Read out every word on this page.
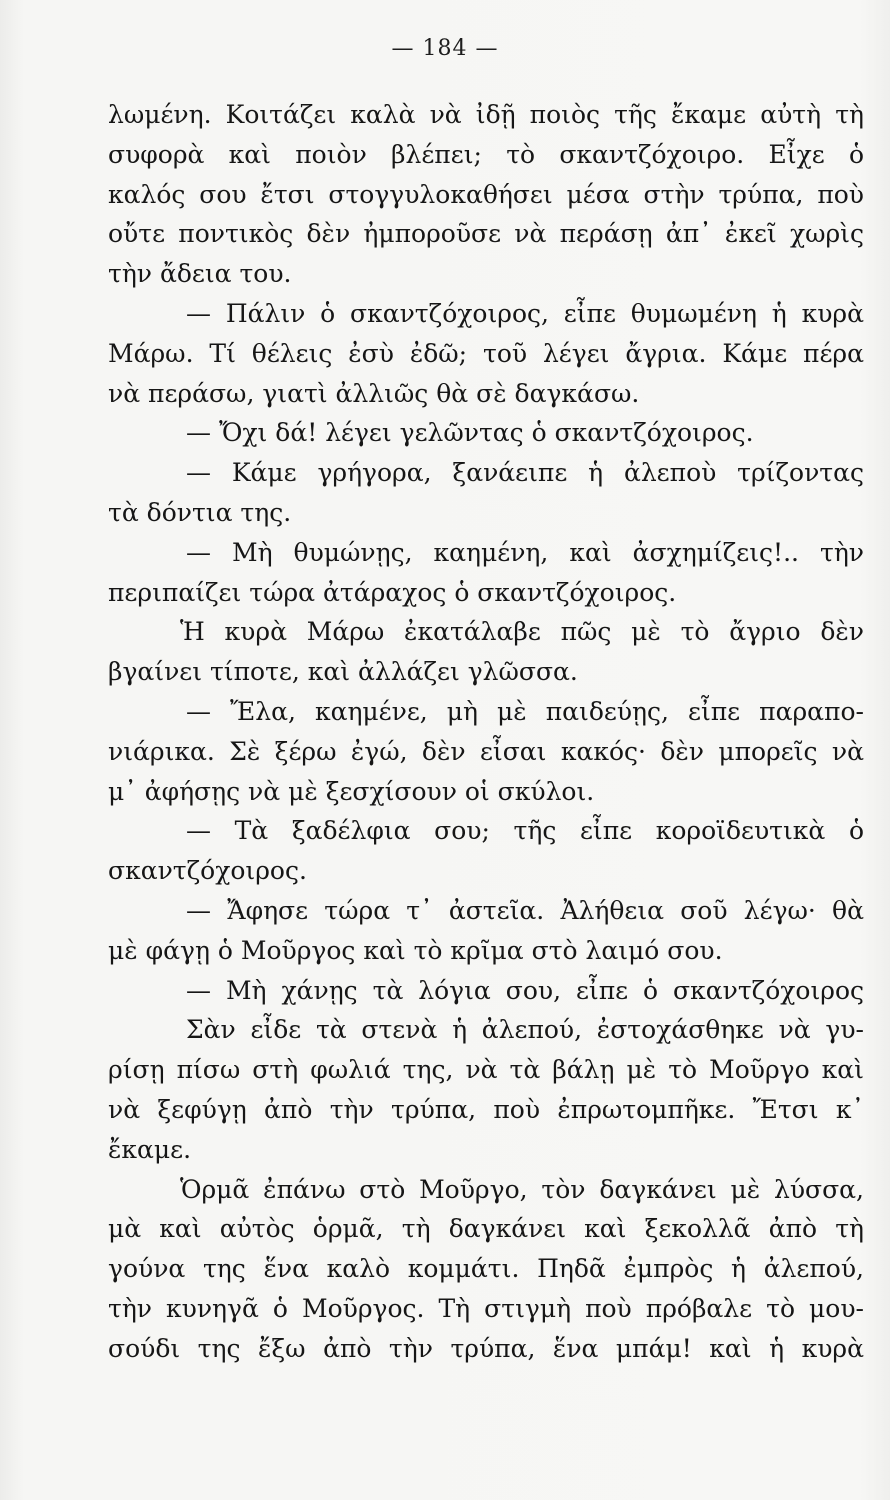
— 184 —
λωμένη. Κοιτάζει καλὰ νὰ ἰδῇ ποιὸς τῆς ἔκαμε αὐτὴ τὴ
συφορὰ καὶ ποιὸν βλέπει; τὸ σκαντζόχοιρο. Εἶχε ὁ
καλός σου ἔτσι στογγυλοκαθήσει μέσα στὴν τρύπα, ποὺ
οὔτε ποντικὸς δὲν ἠμποροῦσε νὰ περάσῃ ἀπ᾽ ἐκεῖ χωρὶς
τὴν ἄδεια του.
— Πάλιν ὁ σκαντζόχοιρος, εἶπε θυμωμένη ἡ κυρὰ
Μάρω. Τί θέλεις ἐσὺ ἐδῶ; τοῦ λέγει ἄγρια. Κάμε πέρα
νὰ περάσω, γιατὶ ἀλλιῶς θὰ σὲ δαγκάσω.
— Ὄχι δά! λέγει γελῶντας ὁ σκαντζόχοιρος.
— Κάμε γρήγορα, ξανάειπε ἡ ἀλεποὺ τρίζοντας
τὰ δόντια της.
— Μὴ θυμώνῃς, καημένη, καὶ ἀσχημίζεις!.. τὴν
περιπαίζει τώρα ἀτάραχος ὁ σκαντζόχοιρος.
Ἡ κυρὰ Μάρω ἐκατάλαβε πῶς μὲ τὸ ἄγριο δὲν
βγαίνει τίποτε, καὶ ἀλλάζει γλῶσσα.
— Ἔλα, καημένε, μὴ μὲ παιδεύῃς, εἶπε παραπο-
νιάρικα. Σὲ ξέρω ἐγώ, δὲν εἶσαι κακός· δὲν μπορεῖς νὰ
μ᾽ ἀφήσῃς νὰ μὲ ξεσχίσουν οἱ σκύλοι.
— Τὰ ξαδέλφια σου; τῆς εἶπε κοροϊδευτικὰ ὁ
σκαντζόχοιρος.
— Ἄφησε τώρα τ᾽ ἀστεῖα. Ἀλήθεια σοῦ λέγω· θὰ
μὲ φάγῃ ὁ Μοῦργος καὶ τὸ κρῖμα στὸ λαιμό σου.
— Μὴ χάνῃς τὰ λόγια σου, εἶπε ὁ σκαντζόχοιρος
Σὰν εἶδε τὰ στενὰ ἡ ἀλεπού, ἐστοχάσθηκε νὰ γυ-
ρίσῃ πίσω στὴ φωλιά της, νὰ τὰ βάλῃ μὲ τὸ Μοῦργο καὶ
νὰ ξεφύγῃ ἀπὸ τὴν τρύπα, ποὺ ἐπρωτομπῆκε. Ἔτσι κ᾽
ἔκαμε.
Ὁρμᾶ ἐπάνω στὸ Μοῦργο, τὸν δαγκάνει μὲ λύσσα,
μὰ καὶ αὐτὸς ὁρμᾶ, τὴ δαγκάνει καὶ ξεκολλᾶ ἀπὸ τὴ
γούνα της ἕνα καλὸ κομμάτι. Πηδᾶ ἐμπρὸς ἡ ἀλεπού,
τὴν κυνηγᾶ ὁ Μοῦργος. Τὴ στιγμὴ ποὺ πρόβαλε τὸ μου-
σούδι της ἔξω ἀπὸ τὴν τρύπα, ἕνα μπάμ! καὶ ἡ κυρὰ
